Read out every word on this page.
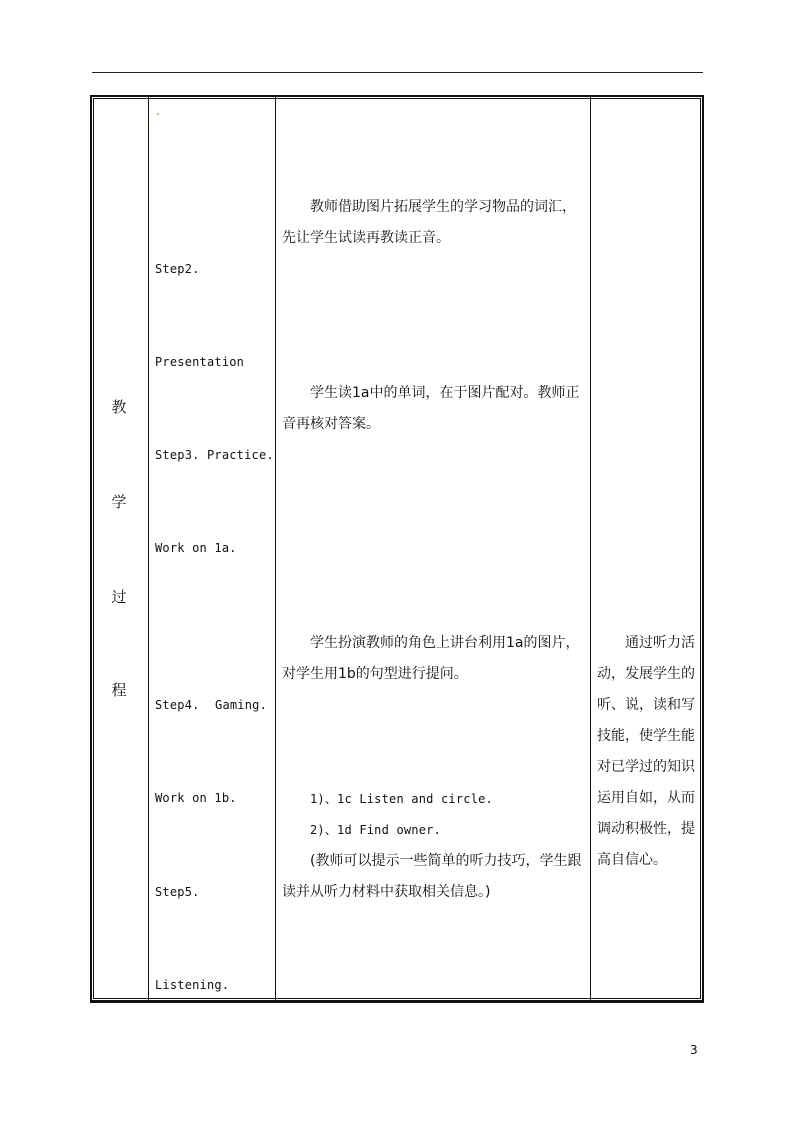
教
学
过
程

Step2.

Presentation

教师借助图片拓展学生的学习物品的词汇，先让学生试读再教读正音。

Step3. Practice.

Work on 1a.

学生读1a中的单词，在于图片配对。教师正音再核对答案。

Step4. Gaming.

Work on 1b.

学生扮演教师的角色上讲台利用1a的图片，对学生用1b的句型进行提问。

Step5.

Listening.

1)、1c Listen and circle.

2)、1d Find owner.

(教师可以提示一些简单的听力技巧，学生跟读并从听力材料中获取相关信息。)

通过听力活动，发展学生的听、说，读和写技能，使学生能对已学过的知识运用自如，从而调动积极性，提高自信心。

3
